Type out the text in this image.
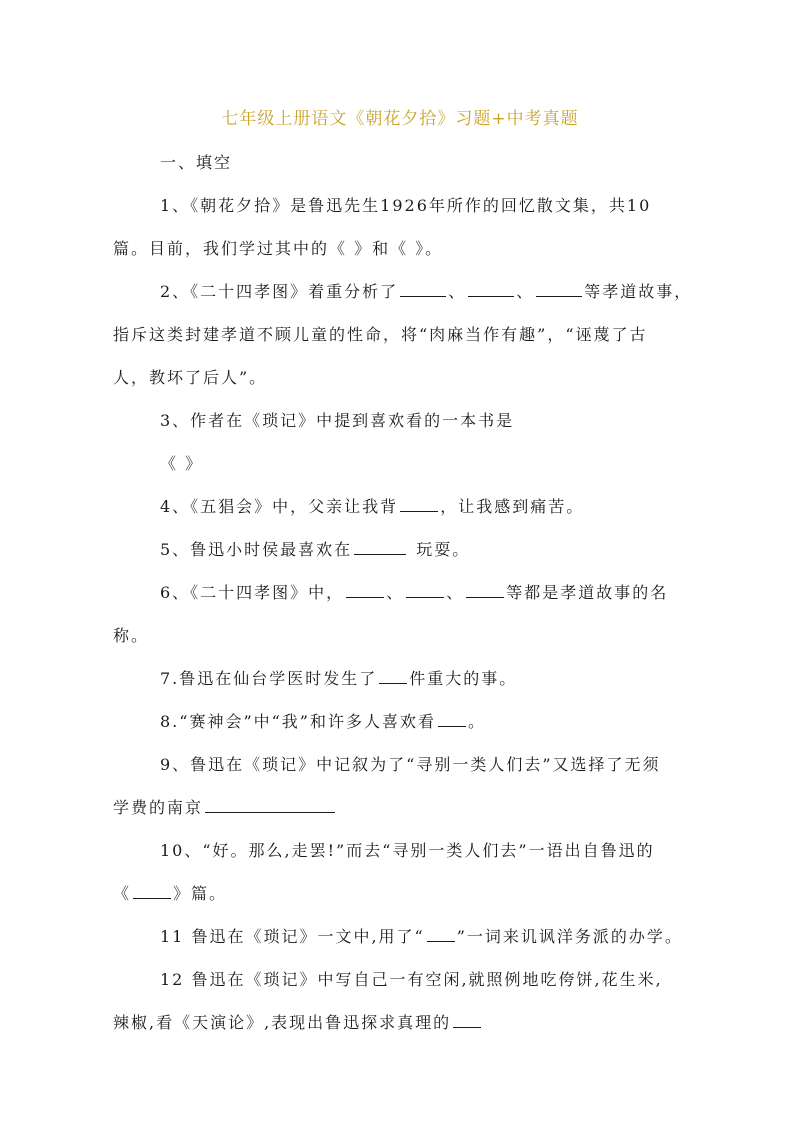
七年级上册语文《朝花夕拾》习题+中考真题
一、填空
1、《朝花夕拾》是鲁迅先生1926年所作的回忆散文集，共10
篇。目前，我们学过其中的《 》和《 》。
2、《二十四孝图》着重分析了	、	、	等孝道故事，
指斥这类封建孝道不顾儿童的性命，将“肉麻当作有趣”，“诬蔑了古
人，教坏了后人”。
3、作者在《琐记》中提到喜欢看的一本书是
《 》
4、《五猖会》中，父亲让我背	，让我感到痛苦。
5、鲁迅小时侯最喜欢在	玩耍。
6、《二十四孝图》中，	、	、	等都是孝道故事的名
称。
7.鲁迅在仙台学医时发生了 件重大的事。
8.“赛神会”中“我”和许多人喜欢看 。
9、鲁迅在《琐记》中记叙为了“寻别一类人们去”又选择了无须
学费的南京
10、“好。那么,走罢!”而去“寻别一类人们去”一语出自鲁迅的
《	》篇。
11 鲁迅在《琐记》一文中,用了“ ”一词来讥讽洋务派的办学。
12 鲁迅在《琐记》中写自己一有空闲,就照例地吃侉饼,花生米,
辣椒,看《天演论》,表现出鲁迅探求真理的
